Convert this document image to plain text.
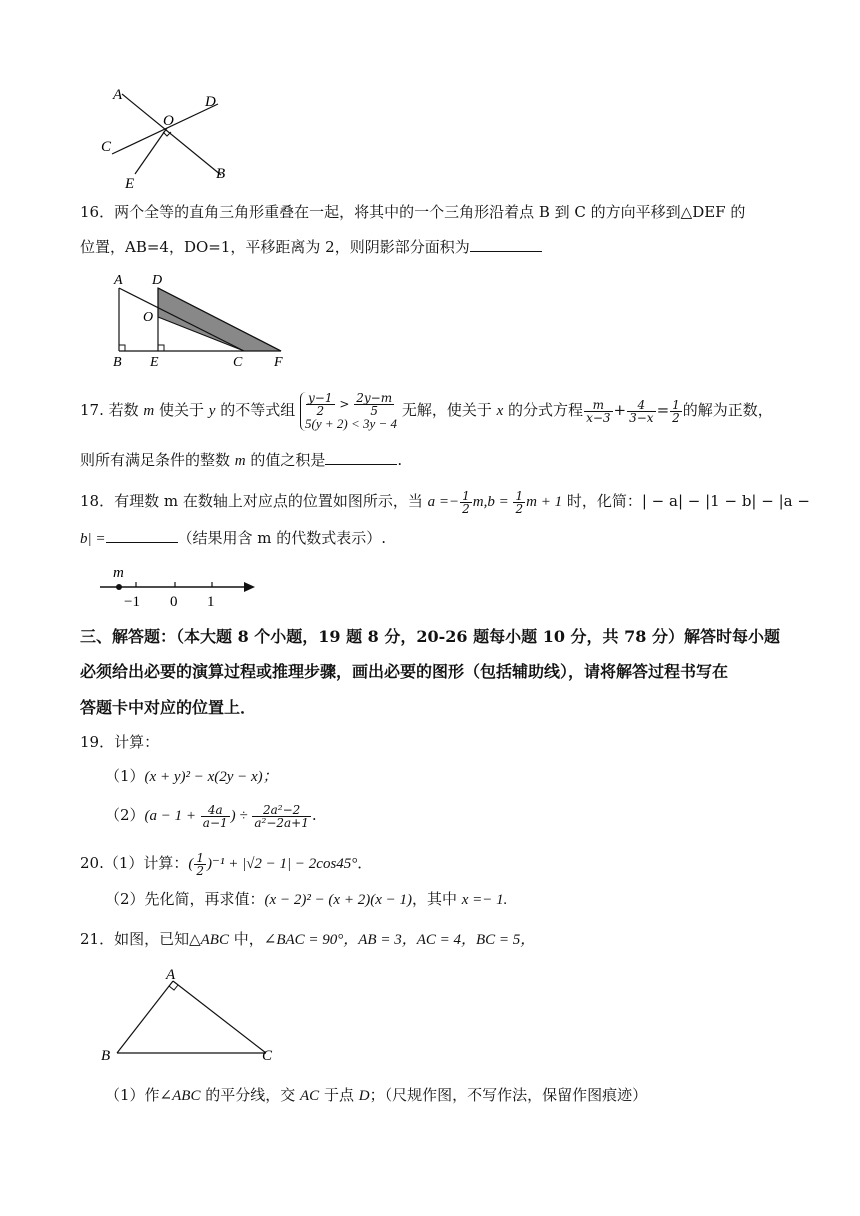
A	D
O
C
E
B
16．两个全等的直角三角形重叠在一起，将其中的一个三角形沿着点 B 到 C 的方向平移到△DEF 的
位置，AB=4，DO=1，平移距离为 2，则阴影部分面积为
A D
O
B E	C F
17. 若数 m 使关于 y 的不等式组 $\frac{y-1}{2} > \frac{2y-m}{5}$
5(y + 2) < 3y − 4
无解，使关于 x 的分式方程 $\frac{m}{x-3} + \frac{4}{3-x} = \frac{1}{2}$ 的解为正数，
则所有满足条件的整数 m 的值之积是	.
18．有理数 m 在数轴上对应点的位置如图所示，当 $a =- \frac{1}{2} m,b = \frac{1}{2}$ m + 1 时，化简：| − a| − |1 − b| − |a −
b| =	（结果用含 m 的代数式表示）.
m
−1 0 1
三、解答题：（本大题 8 个小题，19 题 8 分，20-26 题每小题 10 分，共 78 分）解答时每小题
必须给出必要的演算过程或推理步骤，画出必要的图形（包括辅助线），请将解答过程书写在
答题卡中对应的位置上．
19．计算：
（1）(x + y)² − x(2y − x)；
$(2)(a - 1 + \frac{4a}{a-1}$ ) ÷ $\frac{\text{2a²−2}}{\text{a²−2a+1}}$ .
20.（1）计算：( $\frac{1}{2} )^{-1} + |√2 - 1| - 2\cos 45^\circ$．
（2）先化简，再求值：(x − 2)² − (x + 2)(x − 1)，其中 x =− 1.
21．如图，已知△ABC 中，∠BAC = 90°，AB = 3，AC = 4，BC = 5，
A
B	C
（1）作∠ABC 的平分线，交 AC 于点 D；（尺规作图，不写作法，保留作图痕迹）
